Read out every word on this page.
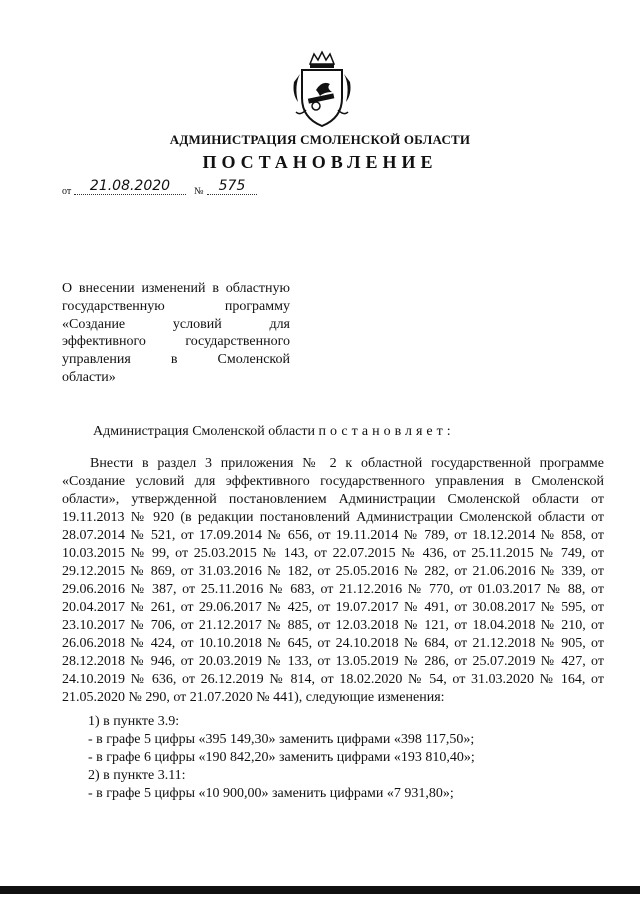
АДМИНИСТРАЦИЯ СМОЛЕНСКОЙ ОБЛАСТИ
ПОСТАНОВЛЕНИЕ
от	21.08.2020	№	575
О внесении изменений в областную
государственную программу
«Создание условий для
эффективного государственного
управления в Смоленской
области»
Администрация Смоленской области постановляет:

Внести в раздел 3 приложения № 2 к областной государственной программе «Создание условий для эффективного государственного управления в Смоленской области», утвержденной постановлением Администрации Смоленской области от 19.11.2013 № 920 (в редакции постановлений Администрации Смоленской области от 28.07.2014 № 521, от 17.09.2014 № 656, от 19.11.2014 № 789, от 18.12.2014 № 858, от 10.03.2015 № 99, от 25.03.2015 № 143, от 22.07.2015 № 436, от 25.11.2015 № 749, от 29.12.2015 № 869, от 31.03.2016 № 182, от 25.05.2016 № 282, от 21.06.2016 № 339, от 29.06.2016 № 387, от 25.11.2016 № 683, от 21.12.2016 № 770, от 01.03.2017 № 88, от 20.04.2017 № 261, от 29.06.2017 № 425, от 19.07.2017 № 491, от 30.08.2017 № 595, от 23.10.2017 № 706, от 21.12.2017 № 885, от 12.03.2018 № 121, от 18.04.2018 № 210, от 26.06.2018 № 424, от 10.10.2018 № 645, от 24.10.2018 № 684, от 21.12.2018 № 905, от 28.12.2018 № 946, от 20.03.2019 № 133, от 13.05.2019 № 286, от 25.07.2019 № 427, от 24.10.2019 № 636, от 26.12.2019 № 814, от 18.02.2020 № 54, от 31.03.2020 № 164, от 21.05.2020 № 290, от 21.07.2020 № 441), следующие изменения:

1) в пункте 3.9:
- в графе 5 цифры «395 149,30» заменить цифрами «398 117,50»;
- в графе 6 цифры «190 842,20» заменить цифрами «193 810,40»;
2) в пункте 3.11:
- в графе 5 цифры «10 900,00» заменить цифрами «7 931,80»;
